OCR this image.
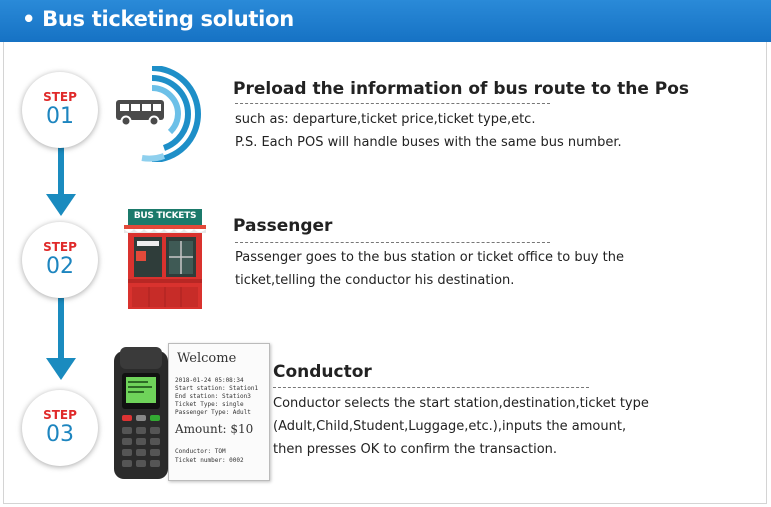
• Bus ticketing solution
STEP
01
STEP
02
STEP
03
BUS TICKETS
Welcome
2018-01-24 05:08:34
Start station: Station1
End station: Station3
Ticket Type: single
Passenger Type: Adult
Amount: $10
Conductor: TOM
Ticket number: 0002
Preload the information of bus route to the Pos
such as: departure,ticket price,ticket type,etc.
P.S. Each POS will handle buses with the same bus number.
Passenger
Passenger goes to the bus station or ticket office to buy the
ticket,telling the conductor his destination.
Conductor
Conductor selects the start station,destination,ticket type
(Adult,Child,Student,Luggage,etc.),inputs the amount,
then presses OK to confirm the transaction.
